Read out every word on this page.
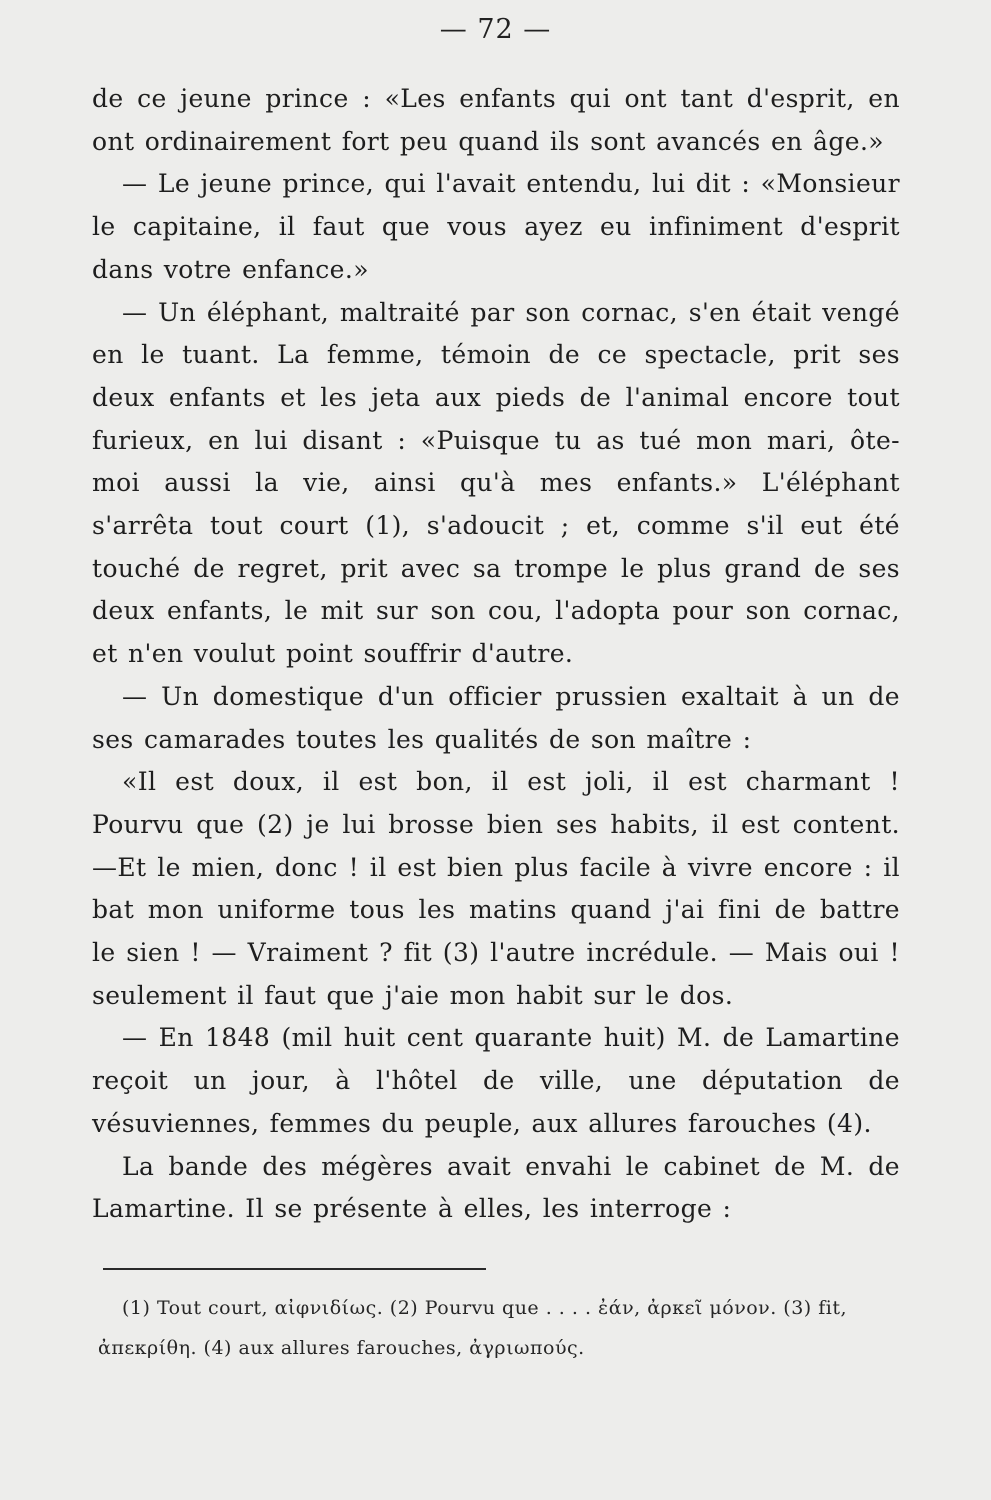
— 72 —

de ce jeune prince : «Les enfants qui ont tant d'esprit, en ont ordinairement fort peu quand ils sont avancés en âge.»

— Le jeune prince, qui l'avait entendu, lui dit : «Monsieur le capitaine, il faut que vous ayez eu infiniment d'esprit dans votre enfance.»

— Un éléphant, maltraité par son cornac, s'en était vengé en le tuant. La femme, témoin de ce spectacle, prit ses deux enfants et les jeta aux pieds de l'animal encore tout furieux, en lui disant : «Puisque tu as tué mon mari, ôte-moi aussi la vie, ainsi qu'à mes enfants.» L'éléphant s'arrêta tout court (1), s'adoucit ; et, comme s'il eut été touché de regret, prit avec sa trompe le plus grand de ses deux enfants, le mit sur son cou, l'adopta pour son cornac, et n'en voulut point souffrir d'autre.

— Un domestique d'un officier prussien exaltait à un de ses camarades toutes les qualités de son maître :

«Il est doux, il est bon, il est joli, il est charmant ! Pourvu que (2) je lui brosse bien ses habits, il est content. —Et le mien, donc ! il est bien plus facile à vivre encore : il bat mon uniforme tous les matins quand j'ai fini de battre le sien ! — Vraiment ? fit (3) l'autre incrédule. — Mais oui ! seulement il faut que j'aie mon habit sur le dos.

— En 1848 (mil huit cent quarante huit) M. de Lamartine reçoit un jour, à l'hôtel de ville, une députation de vésuviennes, femmes du peuple, aux allures farouches (4).

La bande des mégères avait envahi le cabinet de M. de Lamartine. Il se présente à elles, les interroge :

(1) Tout court, αἰφνιδίως. (2) Pourvu que . . . . ἐάν, ἀρκεῖ μόνον. (3) fit, ἀπεκρίθη. (4) aux allures farouches, ἀγριωπούς.
